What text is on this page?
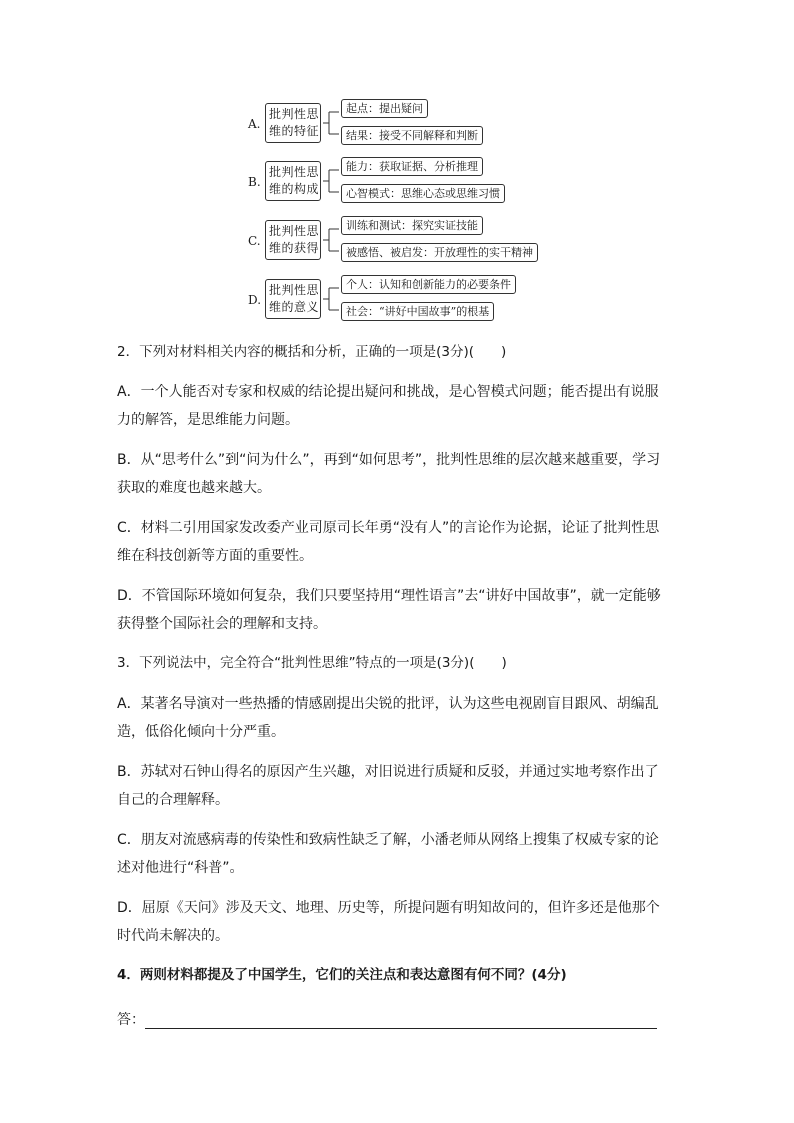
A.
批判性思
维的特征
起点：提出疑问
结果：接受不同解释和判断
B.
批判性思
维的构成
能力：获取证据、分析推理
心智模式：思维心态或思维习惯
C.
批判性思
维的获得
训练和测试：探究实证技能
被感悟、被启发：开放理性的实干精神
D.
批判性思
维的意义
个人：认知和创新能力的必要条件
社会：“讲好中国故事”的根基
2．下列对材料相关内容的概括和分析，正确的一项是(3分)(　　)
A．一个人能否对专家和权威的结论提出疑问和挑战，是心智模式问题；能否提出有说服力的解答，是思维能力问题。
B．从“思考什么”到“问为什么”，再到“如何思考”，批判性思维的层次越来越重要，学习获取的难度也越来越大。
C．材料二引用国家发改委产业司原司长年勇“没有人”的言论作为论据，论证了批判性思维在科技创新等方面的重要性。
D．不管国际环境如何复杂，我们只要坚持用“理性语言”去“讲好中国故事”，就一定能够获得整个国际社会的理解和支持。
3．下列说法中，完全符合“批判性思维”特点的一项是(3分)(　　)
A．某著名导演对一些热播的情感剧提出尖锐的批评，认为这些电视剧盲目跟风、胡编乱造，低俗化倾向十分严重。
B．苏轼对石钟山得名的原因产生兴趣，对旧说进行质疑和反驳，并通过实地考察作出了自己的合理解释。
C．朋友对流感病毒的传染性和致病性缺乏了解，小潘老师从网络上搜集了权威专家的论述对他进行“科普”。
D．屈原《天问》涉及天文、地理、历史等，所提问题有明知故问的，但许多还是他那个时代尚未解决的。
4．两则材料都提及了中国学生，它们的关注点和表达意图有何不同？(4分)
答：
